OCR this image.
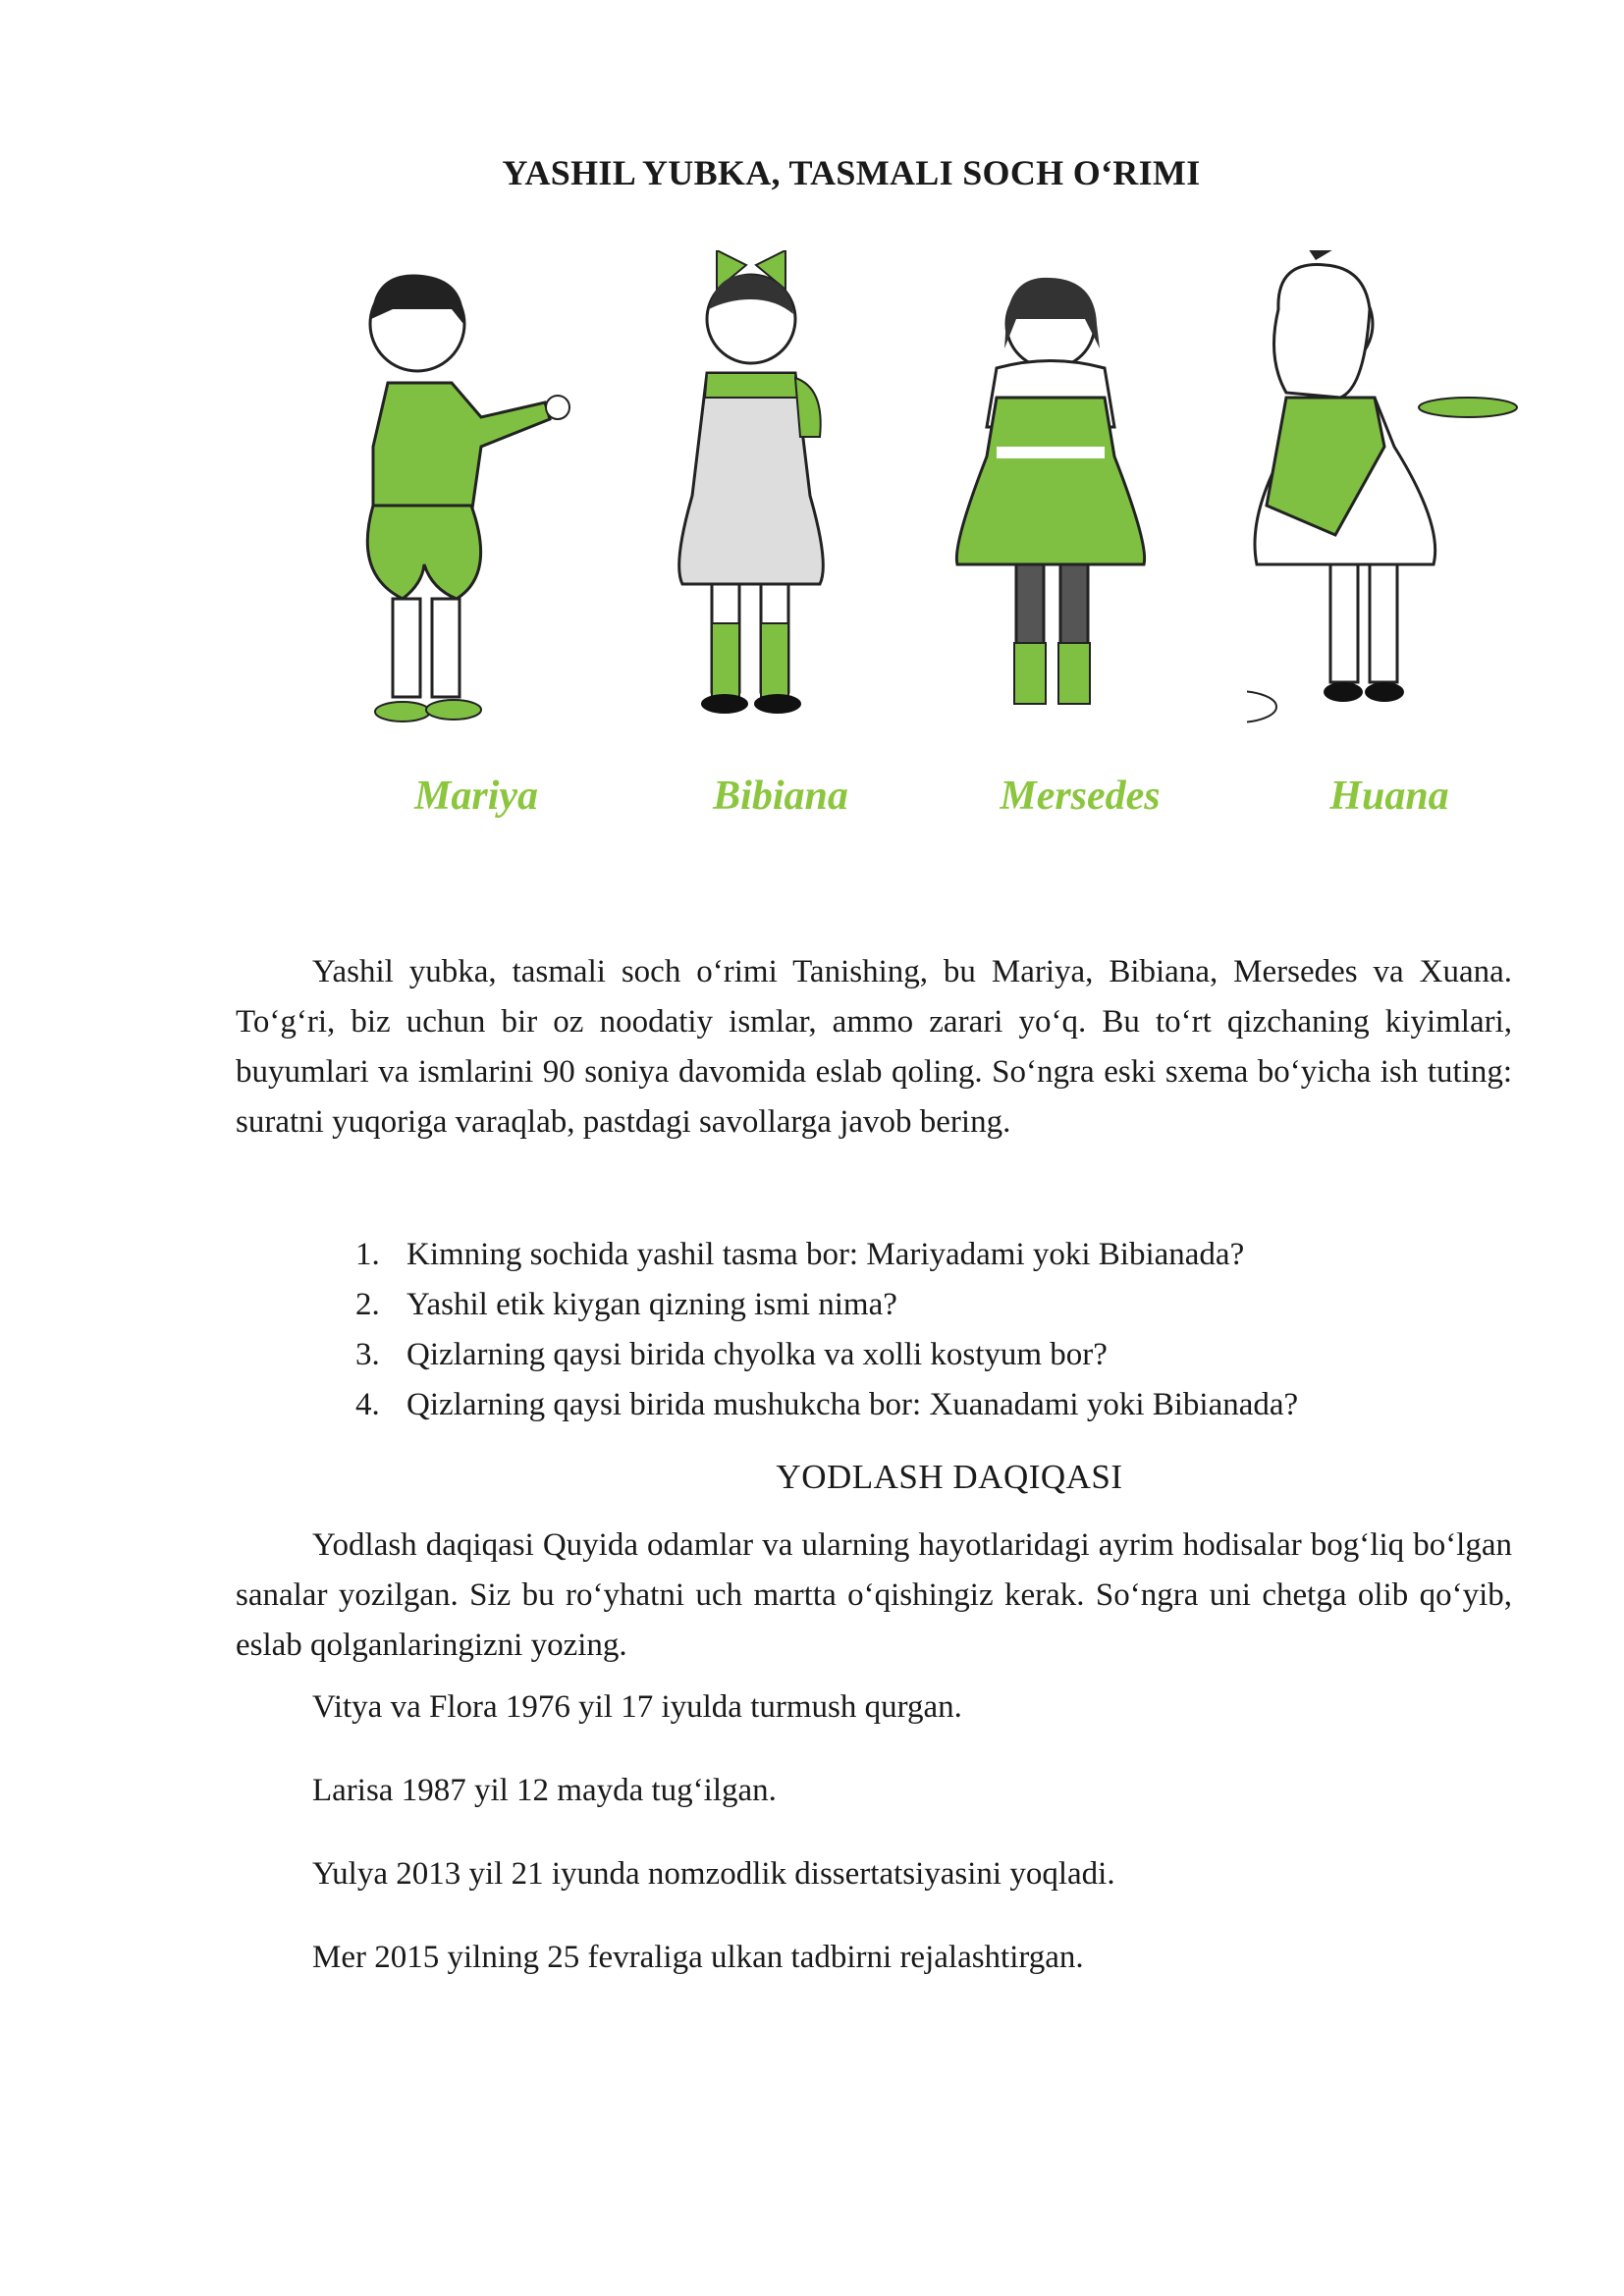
YASHIL YUBKA, TASMALI SOCH O‘RIMI
Mariya	Bibiana	Mersedes	Huana
Yashil yubka, tasmali soch o‘rimi Tanishing, bu Mariya, Bibiana, Mersedes va Xuana. To‘g‘ri, biz uchun bir oz noodatiy ismlar, ammo zarari yo‘q. Bu to‘rt qizchaning kiyimlari, buyumlari va ismlarini 90 soniya davomida eslab qoling. So‘ngra eski sxema bo‘yicha ish tuting: suratni yuqoriga varaqlab, pastdagi savollarga javob bering.
1. Kimning sochida yashil tasma bor: Mariyadami yoki Bibianada?
2. Yashil etik kiygan qizning ismi nima?
3. Qizlarning qaysi birida chyolka va xolli kostyum bor?
4. Qizlarning qaysi birida mushukcha bor: Xuanadami yoki Bibianada?
YODLASH DAQIQASI
Yodlash daqiqasi Quyida odamlar va ularning hayotlaridagi ayrim hodisalar bog‘liq bo‘lgan sanalar yozilgan. Siz bu ro‘yhatni uch martta o‘qishingiz kerak. So‘ngra uni chetga olib qo‘yib, eslab qolganlaringizni yozing.
Vitya va Flora 1976 yil 17 iyulda turmush qurgan.
Larisa 1987 yil 12 mayda tug‘ilgan.
Yulya 2013 yil 21 iyunda nomzodlik dissertatsiyasini yoqladi.
Mer 2015 yilning 25 fevraliga ulkan tadbirni rejalashtirgan.
